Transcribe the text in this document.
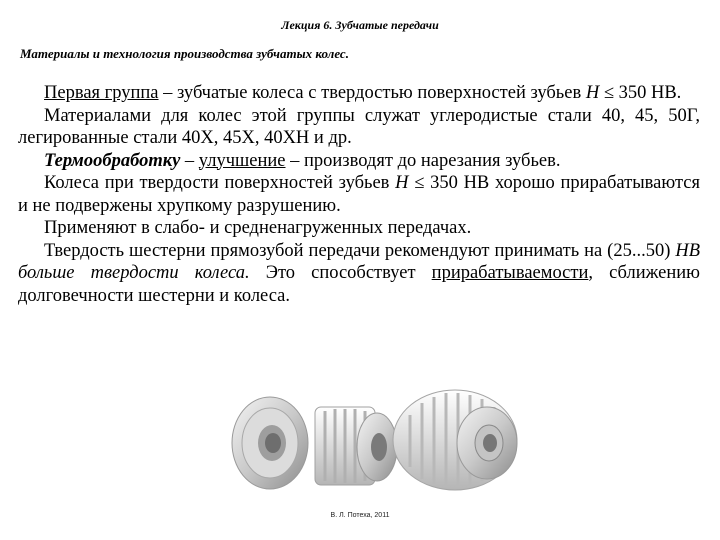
Лекция 6. Зубчатые передачи
Материалы и технология производства зубчатых колес.

Первая группа – зубчатые колеса с твердостью поверхностей зубьев H ≤ 350 НВ.

Материалами для колес этой группы служат углеродистые стали 40, 45, 50Г, легированные стали 40Х, 45Х, 40ХН и др.

Термообработку – улучшение – производят до нарезания зубьев.

Колеса при твердости поверхностей зубьев Н ≤ 350 НВ хорошо прирабатываются и не подвержены хрупкому разрушению.

Применяют в слабо- и средненагруженных передачах.

Твердость шестерни прямозубой передачи рекомендуют принимать на (25...50) НВ больше твердости колеса. Это способствует прирабатываемости, сближению долговечности шестерни и колеса.

В. Л. Потеха, 2011
